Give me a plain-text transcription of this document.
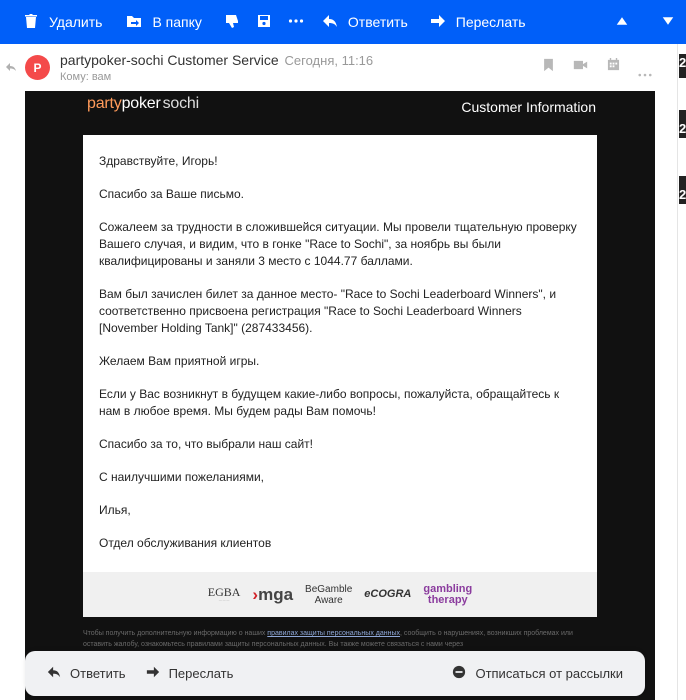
Удалить	В папку	Ответить	Переслать
2
2
2
P	partypoker-sochi Customer Service Сегодня, 11:16
Кому: вам
partypoker sochi	Customer Information

Здравствуйте, Игорь!

Спасибо за Ваше письмо.

Сожалеем за трудности в сложившейся ситуации. Мы провели тщательную проверку Вашего случая, и видим, что в гонке "Race to Sochi", за ноябрь вы были квалифицированы и заняли 3 место с 1044.77 баллами.

Вам был зачислен билет за данное место- "Race to Sochi Leaderboard Winners", и соответственно присвоена регистрация "Race to Sochi Leaderboard Winners [November Holding Tank]" (287433456).

Желаем Вам приятной игры.

Если у Вас возникнут в будущем какие-либо вопросы, пожалуйста, обращайтесь к нам в любое время. Мы будем рады Вам помочь!

Спасибо за то, что выбрали наш сайт!

С наилучшими пожеланиями,

Илья,

Отдел обслуживания клиентов

EGBA
— — —	›mga BeGamble
Aware	eCOGRA gambling
therapy
Чтобы получить дополнительную информацию о наших правилах защиты персональных данных, сообщить о нарушениях, возникших проблемах или оставить жалобу, ознакомьтесь правилами защиты персональных данных. Вы также можете связаться с нами через
Ответить	Переслать	Отписаться от рассылки
